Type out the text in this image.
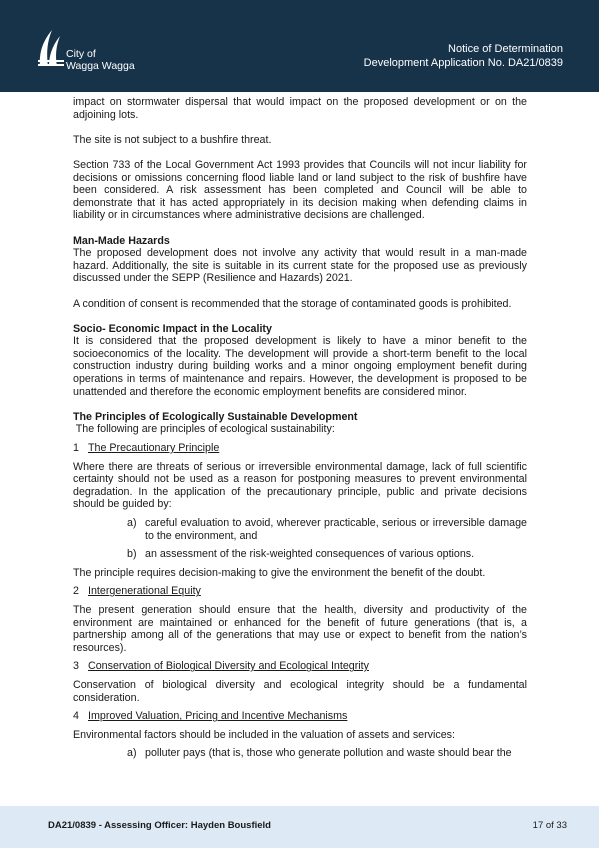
City of
Wagga Wagga
Notice of Determination
Development Application No. DA21/0839

impact on stormwater dispersal that would impact on the proposed development or on the adjoining lots.

The site is not subject to a bushfire threat.

Section 733 of the Local Government Act 1993 provides that Councils will not incur liability for decisions or omissions concerning flood liable land or land subject to the risk of bushfire have been considered. A risk assessment has been completed and Council will be able to demonstrate that it has acted appropriately in its decision making when defending claims in liability or in circumstances where administrative decisions are challenged.

Man-Made Hazards

The proposed development does not involve any activity that would result in a man-made hazard. Additionally, the site is suitable in its current state for the proposed use as previously discussed under the SEPP (Resilience and Hazards) 2021.

A condition of consent is recommended that the storage of contaminated goods is prohibited.

Socio- Economic Impact in the Locality

It is considered that the proposed development is likely to have a minor benefit to the socioeconomics of the locality. The development will provide a short-term benefit to the local construction industry during building works and a minor ongoing employment benefit during operations in terms of maintenance and repairs. However, the development is proposed to be unattended and therefore the economic employment benefits are considered minor.

The Principles of Ecologically Sustainable Development

The following are principles of ecological sustainability:

1 The Precautionary Principle

Where there are threats of serious or irreversible environmental damage, lack of full scientific certainty should not be used as a reason for postponing measures to prevent environmental degradation. In the application of the precautionary principle, public and private decisions should be guided by:

a) careful evaluation to avoid, wherever practicable, serious or irreversible damage to the environment, and

b) an assessment of the risk-weighted consequences of various options.

The principle requires decision-making to give the environment the benefit of the doubt.

2 Intergenerational Equity

The present generation should ensure that the health, diversity and productivity of the environment are maintained or enhanced for the benefit of future generations (that is, a partnership among all of the generations that may use or expect to benefit from the nation’s resources).

3 Conservation of Biological Diversity and Ecological Integrity

Conservation of biological diversity and ecological integrity should be a fundamental consideration.

4 Improved Valuation, Pricing and Incentive Mechanisms

Environmental factors should be included in the valuation of assets and services:

a) polluter pays (that is, those who generate pollution and waste should bear the

DA21/0839 - Assessing Officer: Hayden Bousfield	17 of 33
